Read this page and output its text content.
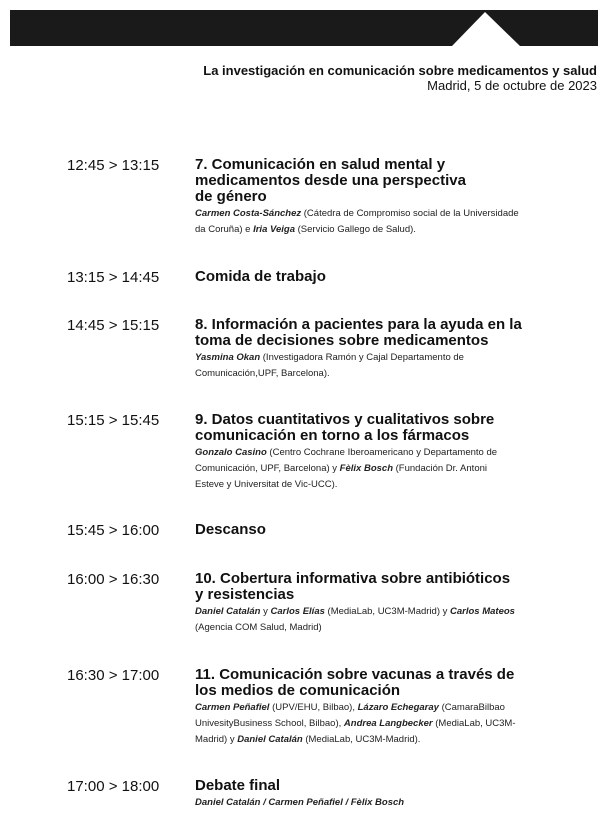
La investigación en comunicación sobre medicamentos y salud
Madrid, 5 de octubre de 2023
12:45 > 13:15 7. Comunicación en salud mental y
medicamentos desde una perspectiva
de género
Carmen Costa-Sánchez (Cátedra de Compromiso social de la Universidade
da Coruña) e Iria Veiga (Servicio Gallego de Salud).
13:15 > 14:45 Comida de trabajo
14:45 > 15:15 8. Información a pacientes para la ayuda en la
toma de decisiones sobre medicamentos
Yasmina Okan (Investigadora Ramón y Cajal Departamento de
Comunicación,UPF, Barcelona).
15:15 > 15:45 9. Datos cuantitativos y cualitativos sobre
comunicación en torno a los fármacos
Gonzalo Casino (Centro Cochrane Iberoamericano y Departamento de
Comunicación, UPF, Barcelona) y Fèlix Bosch (Fundación Dr. Antoni
Esteve y Universitat de Vic-UCC).
15:45 > 16:00 Descanso
16:00 > 16:30 10. Cobertura informativa sobre antibióticos
y resistencias
Daniel Catalán y Carlos Elías (MediaLab, UC3M-Madrid) y Carlos Mateos
(Agencia COM Salud, Madrid)
16:30 > 17:00 11. Comunicación sobre vacunas a través de
los medios de comunicación
Carmen Peñafiel (UPV/EHU, Bilbao), Lázaro Echegaray (CamaraBilbao
UnivesityBusiness School, Bilbao), Andrea Langbecker (MediaLab, UC3M-
Madrid) y Daniel Catalán (MediaLab, UC3M-Madrid).
17:00 > 18:00 Debate final
Daniel Catalán / Carmen Peñafiel / Fèlix Bosch
